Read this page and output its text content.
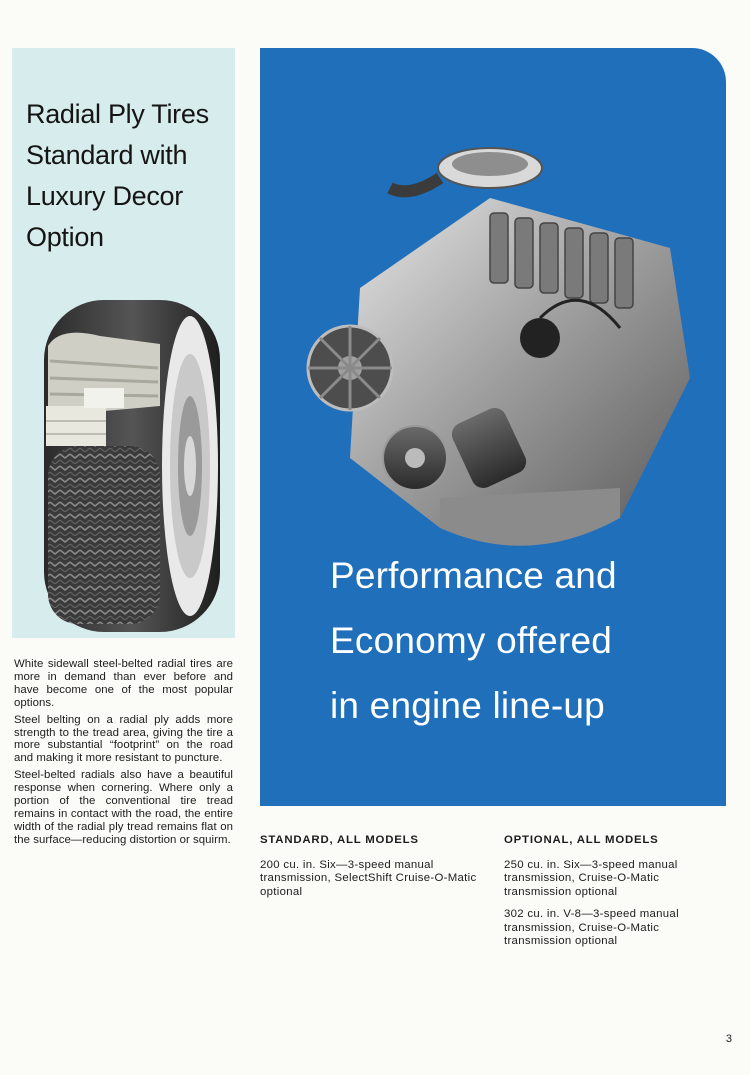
Radial Ply Tires Standard with Luxury Decor Option

White sidewall steel-belted radial tires are more in demand than ever before and have become one of the most popular options.

Steel belting on a radial ply adds more strength to the tread area, giving the tire a more substantial “footprint” on the road and making it more resistant to puncture.

Steel-belted radials also have a beautiful response when cornering. Where only a portion of the conventional tire tread remains in contact with the road, the entire width of the radial ply tread remains flat on the surface—reducing distortion or squirm.

Performance and
Economy offered
in engine line-up
STANDARD, ALL MODELS

200 cu. in. Six—3-speed manual transmission, SelectShift Cruise-O-Matic optional

OPTIONAL, ALL MODELS

250 cu. in. Six—3-speed manual transmission, Cruise-O-Matic transmission optional

302 cu. in. V-8—3-speed manual transmission, Cruise-O-Matic transmission optional

3
